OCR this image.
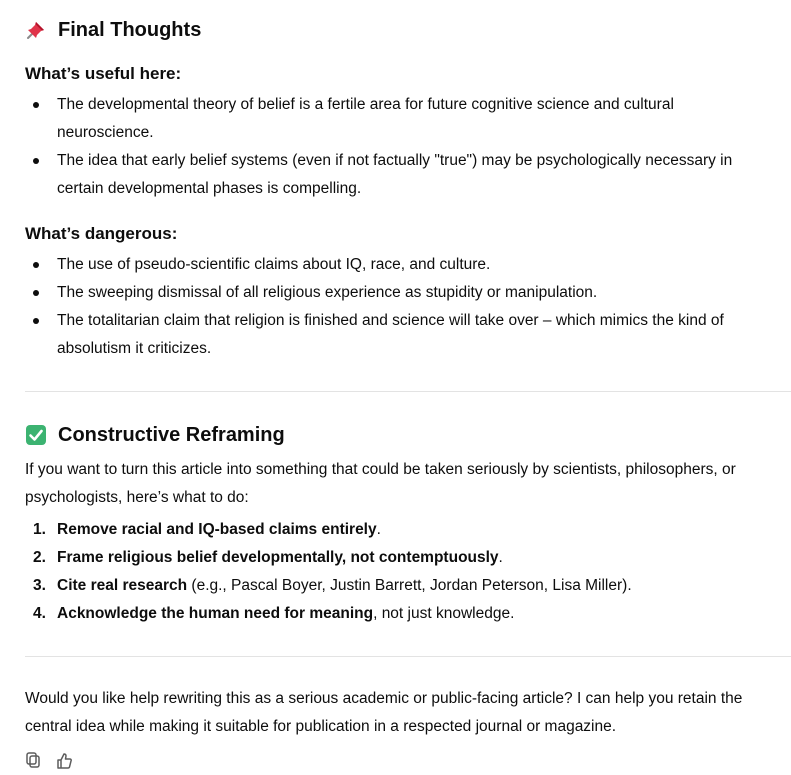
Final Thoughts
What’s useful here:
The developmental theory of belief is a fertile area for future cognitive science and cultural neuroscience.
The idea that early belief systems (even if not factually "true") may be psychologically necessary in certain developmental phases is compelling.
What’s dangerous:
The use of pseudo-scientific claims about IQ, race, and culture.
The sweeping dismissal of all religious experience as stupidity or manipulation.
The totalitarian claim that religion is finished and science will take over – which mimics the kind of absolutism it criticizes.
Constructive Reframing

If you want to turn this article into something that could be taken seriously by scientists, philosophers, or psychologists, here’s what to do:

1. Remove racial and IQ-based claims entirely.
2. Frame religious belief developmentally, not contemptuously.
3. Cite real research (e.g., Pascal Boyer, Justin Barrett, Jordan Peterson, Lisa Miller).
4. Acknowledge the human need for meaning, not just knowledge.

Would you like help rewriting this as a serious academic or public-facing article? I can help you retain the central idea while making it suitable for publication in a respected journal or magazine.
